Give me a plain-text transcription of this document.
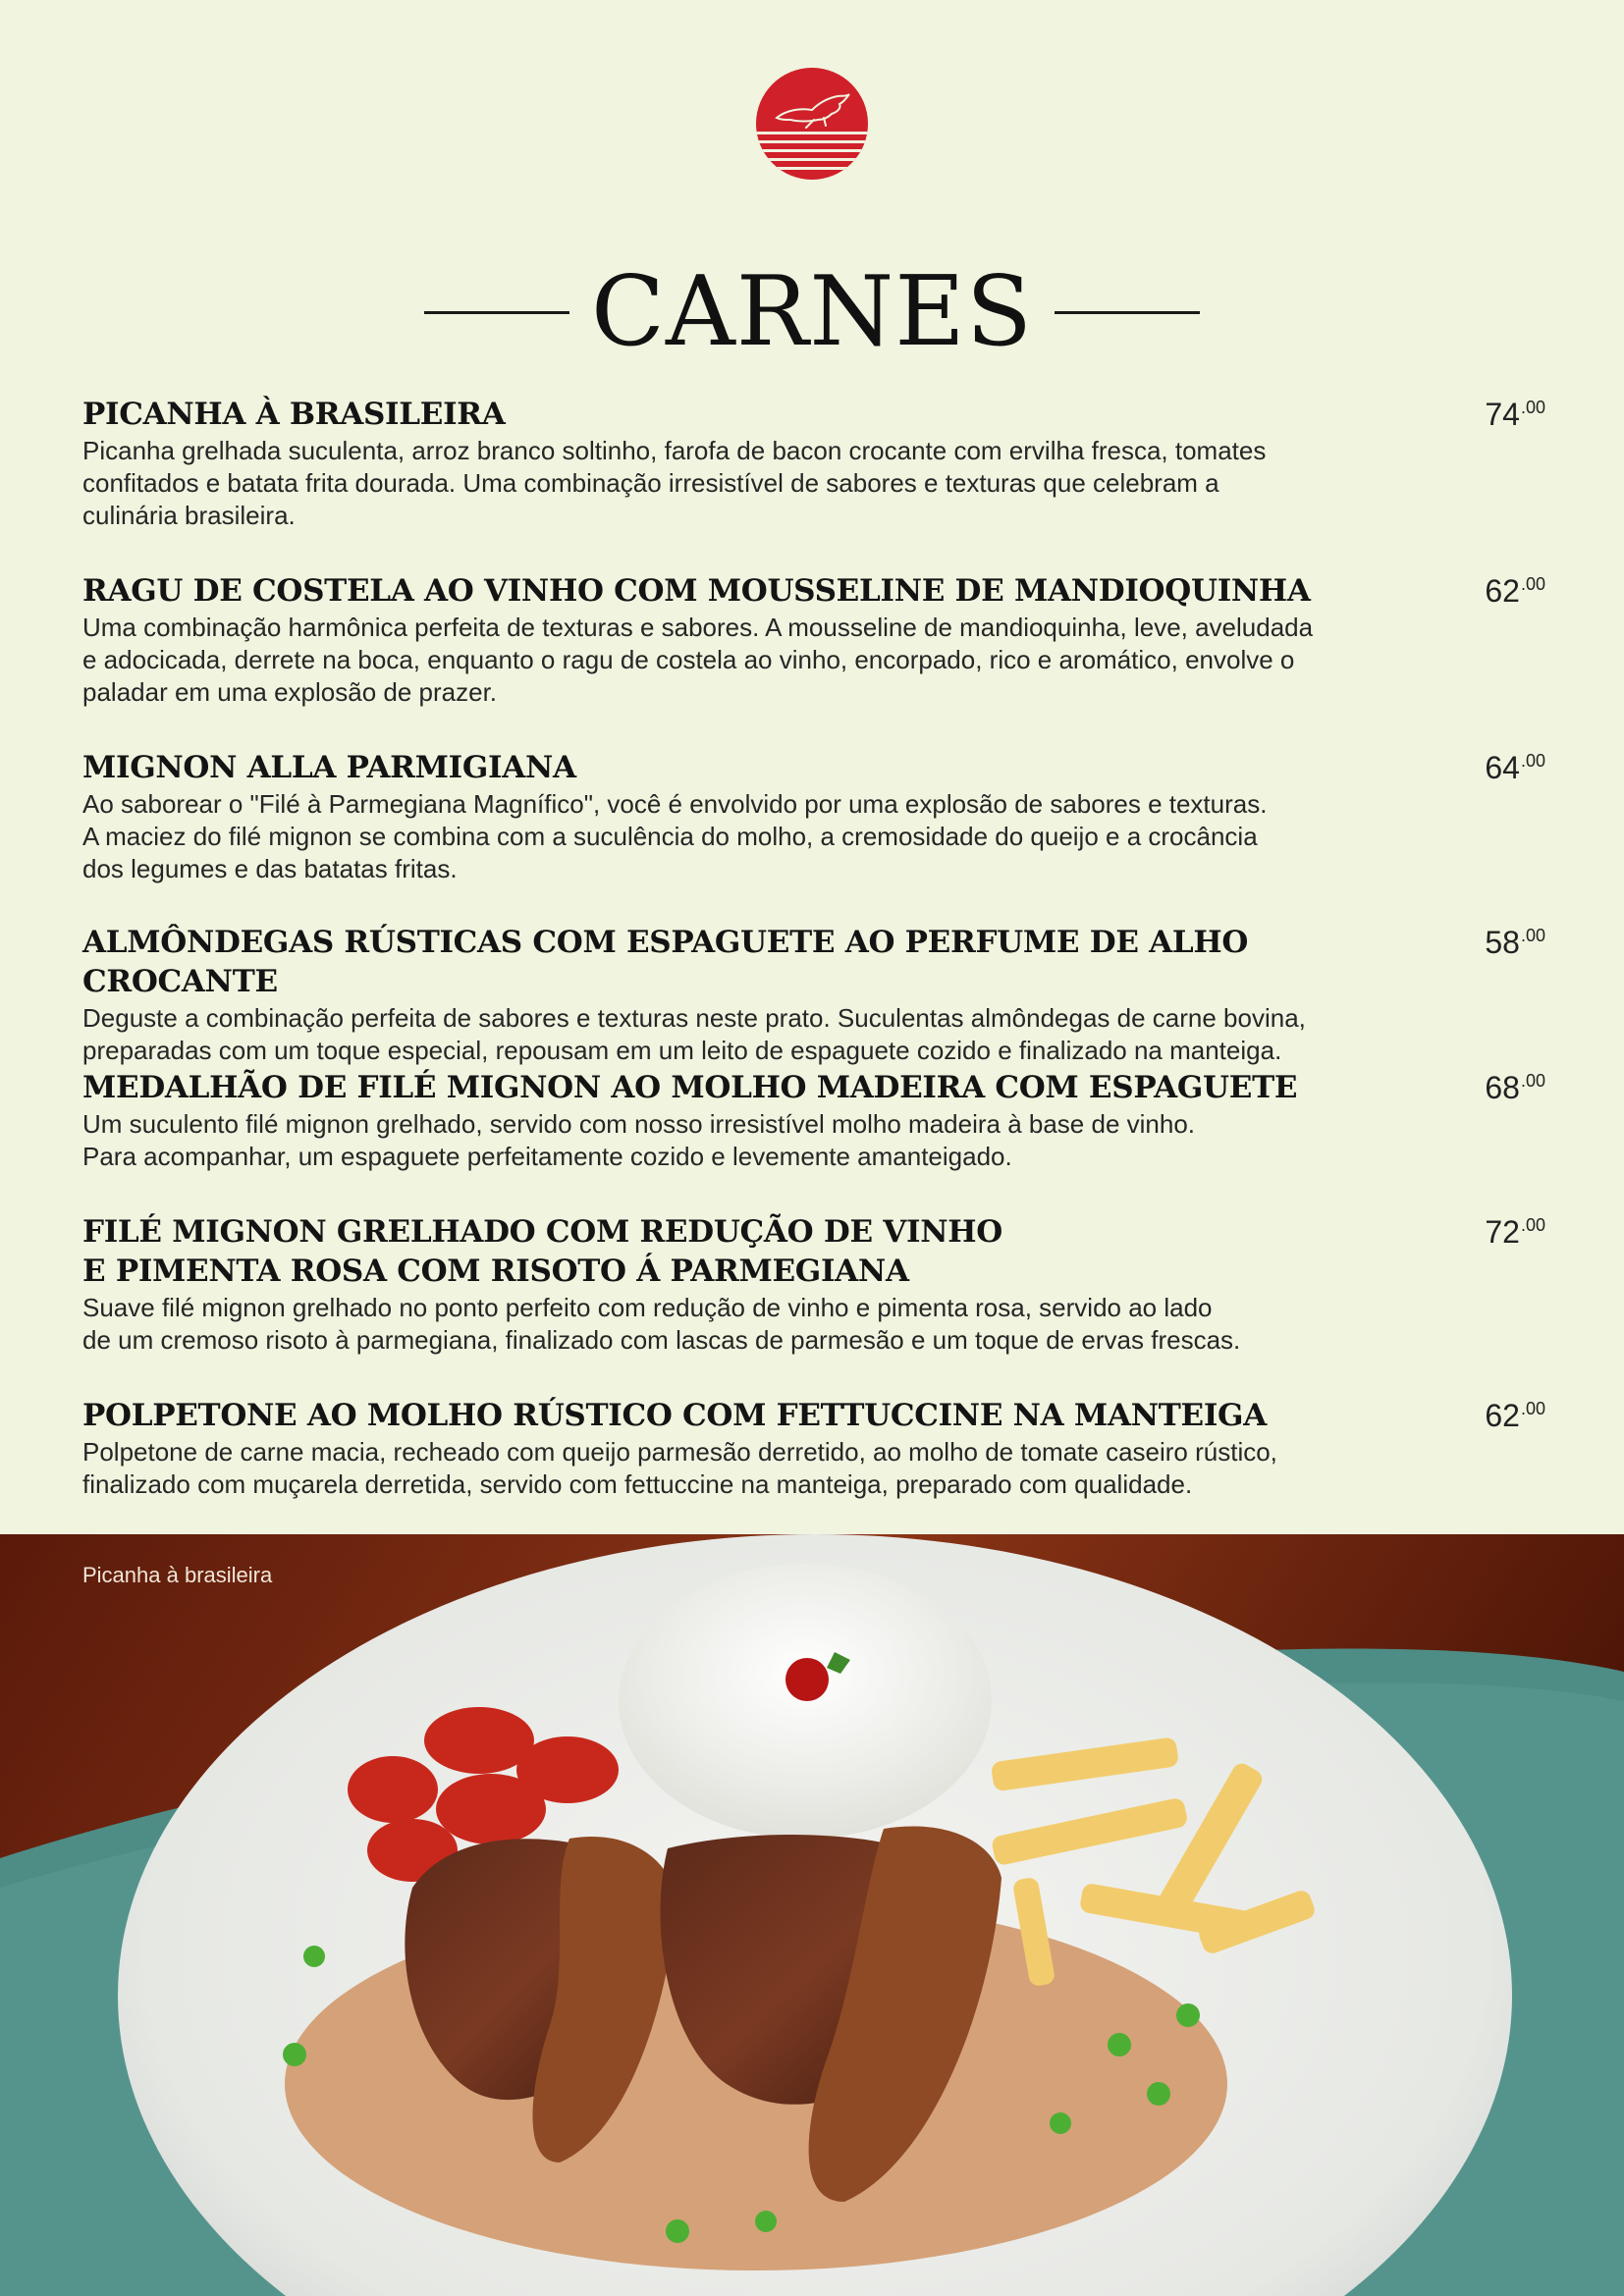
CARNES
PICANHA À BRASILEIRA
Picanha grelhada suculenta, arroz branco soltinho, farofa de bacon crocante com ervilha fresca, tomates
confitados e batata frita dourada. Uma combinação irresistível de sabores e texturas que celebram a
culinária brasileira.
$74^{.00}$
RAGU DE COSTELA AO VINHO COM MOUSSELINE DE MANDIOQUINHA
Uma combinação harmônica perfeita de texturas e sabores. A mousseline de mandioquinha, leve, aveludada
e adocicada, derrete na boca, enquanto o ragu de costela ao vinho, encorpado, rico e aromático, envolve o
paladar em uma explosão de prazer.
$62^{.00}$
MIGNON ALLA PARMIGIANA
Ao saborear o "Filé à Parmegiana Magnífico", você é envolvido por uma explosão de sabores e texturas.
A maciez do filé mignon se combina com a suculência do molho, a cremosidade do queijo e a crocância
dos legumes e das batatas fritas.
$64^{.00}$
ALMÔNDEGAS RÚSTICAS COM ESPAGUETE AO PERFUME DE ALHO CROCANTE
Deguste a combinação perfeita de sabores e texturas neste prato. Suculentas almôndegas de carne bovina,
preparadas com um toque especial, repousam em um leito de espaguete cozido e finalizado na manteiga.
$58^{.00}$
MEDALHÃO DE FILÉ MIGNON AO MOLHO MADEIRA COM ESPAGUETE
Um suculento filé mignon grelhado, servido com nosso irresistível molho madeira à base de vinho.
Para acompanhar, um espaguete perfeitamente cozido e levemente amanteigado.
$68^{.00}$
FILÉ MIGNON GRELHADO COM REDUÇÃO DE VINHO
E PIMENTA ROSA COM RISOTO Á PARMEGIANA
Suave filé mignon grelhado no ponto perfeito com redução de vinho e pimenta rosa, servido ao lado
de um cremoso risoto à parmegiana, finalizado com lascas de parmesão e um toque de ervas frescas.
$72^{.00}$
POLPETONE AO MOLHO RÚSTICO COM FETTUCCINE NA MANTEIGA
Polpetone de carne macia, recheado com queijo parmesão derretido, ao molho de tomate caseiro rústico,
finalizado com muçarela derretida, servido com fettuccine na manteiga, preparado com qualidade.
$62^{.00}$
Picanha à brasileira
